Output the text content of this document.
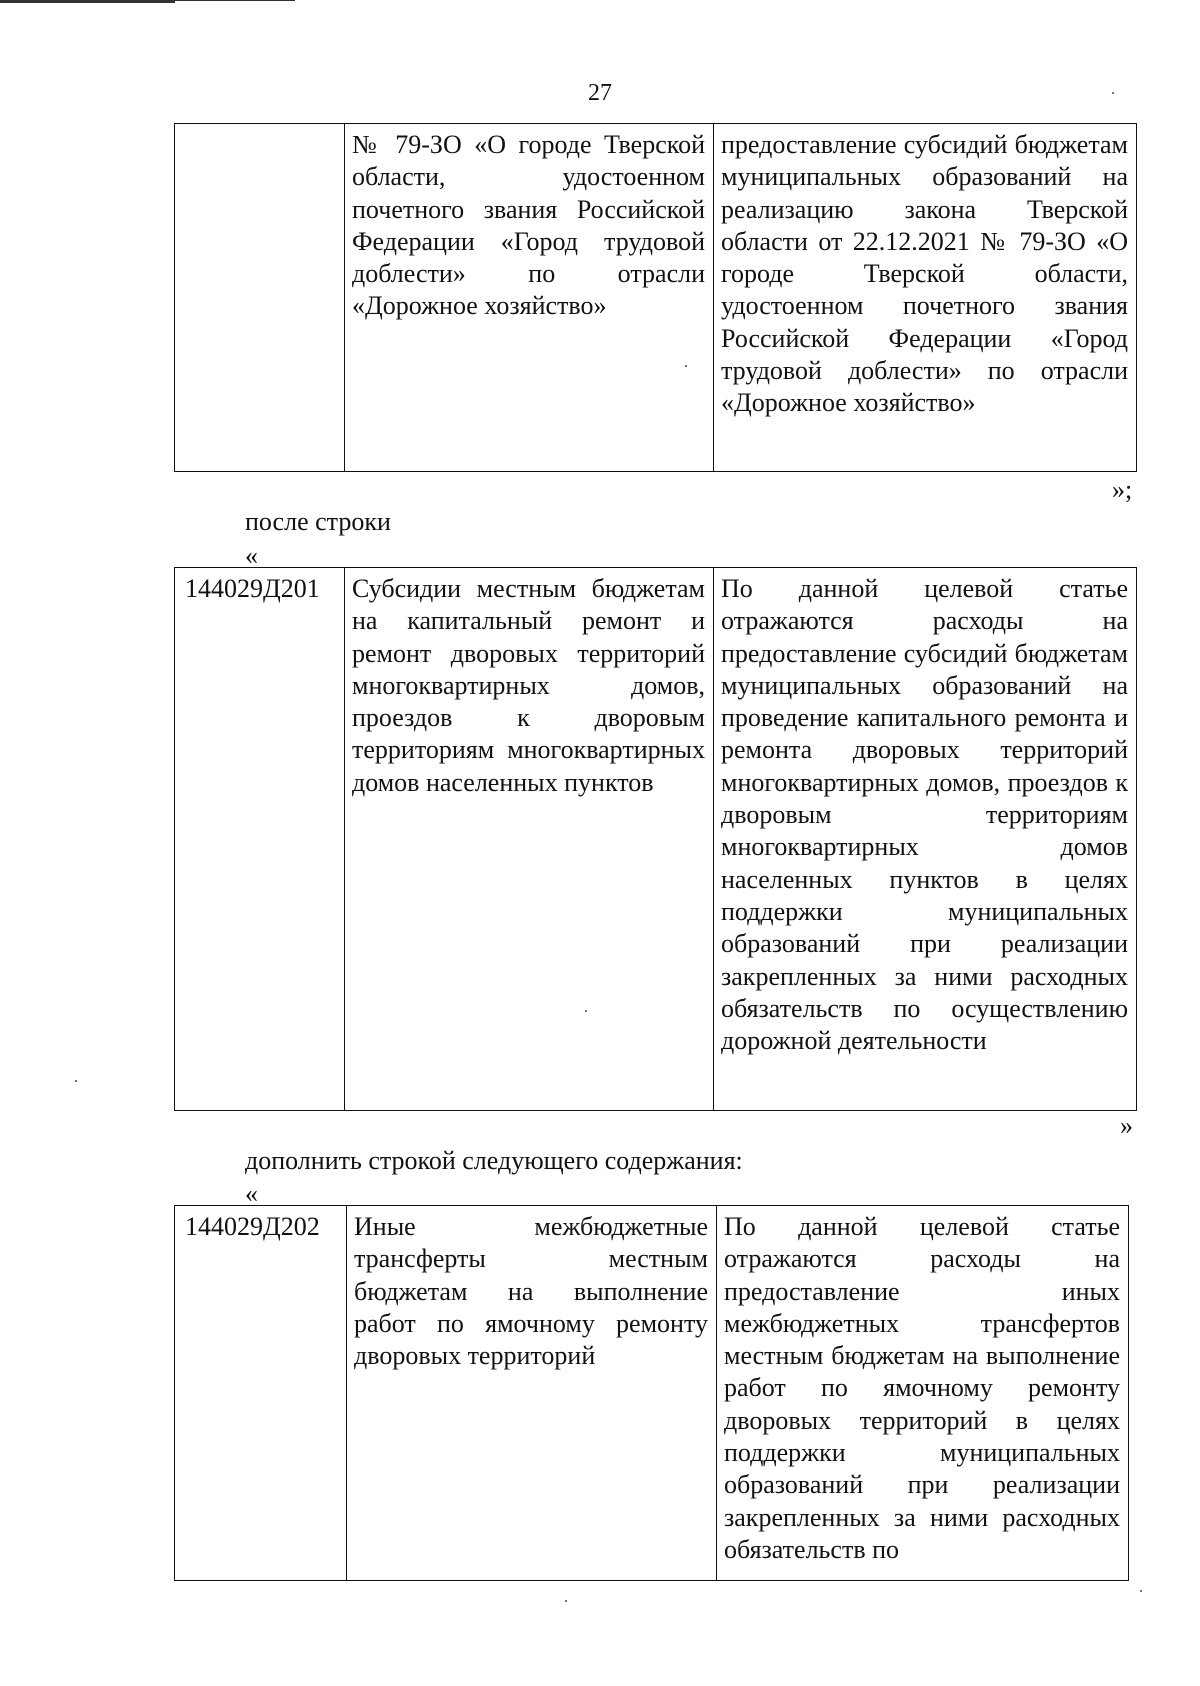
27
	№ 79-ЗО «О городе Тверской области, удостоенном почетного звания Российской Федерации «Город трудовой доблести» по отрасли «Дорожное хозяйство»	предоставление субсидий бюджетам муниципальных образований на реализацию закона Тверской области от 22.12.2021 № 79-ЗО «О городе Тверской области, удостоенном почетного звания Российской Федерации «Город трудовой доблести» по отрасли «Дорожное хозяйство»
»;
после строки
«
144029Д201	Субсидии местным бюджетам на капитальный ремонт и ремонт дворовых территорий многоквартирных домов, проездов к дворовым территориям многоквартирных домов населенных пунктов	По данной целевой статье отражаются расходы на предоставление субсидий бюджетам муниципальных образований на проведение капитального ремонта и ремонта дворовых территорий многоквартирных домов, проездов к дворовым территориям многоквартирных домов населенных пунктов в целях поддержки муниципальных образований при реализации закрепленных за ними расходных обязательств по осуществлению дорожной деятельности
»
дополнить строкой следующего содержания:
«
144029Д202	Иные межбюджетные трансферты местным бюджетам на выполнение работ по ямочному ремонту дворовых территорий	По данной целевой статье отражаются расходы на предоставление иных межбюджетных трансфертов местным бюджетам на выполнение работ по ямочному ремонту дворовых территорий в целях поддержки муниципальных образований при реализации закрепленных за ними расходных обязательств по
